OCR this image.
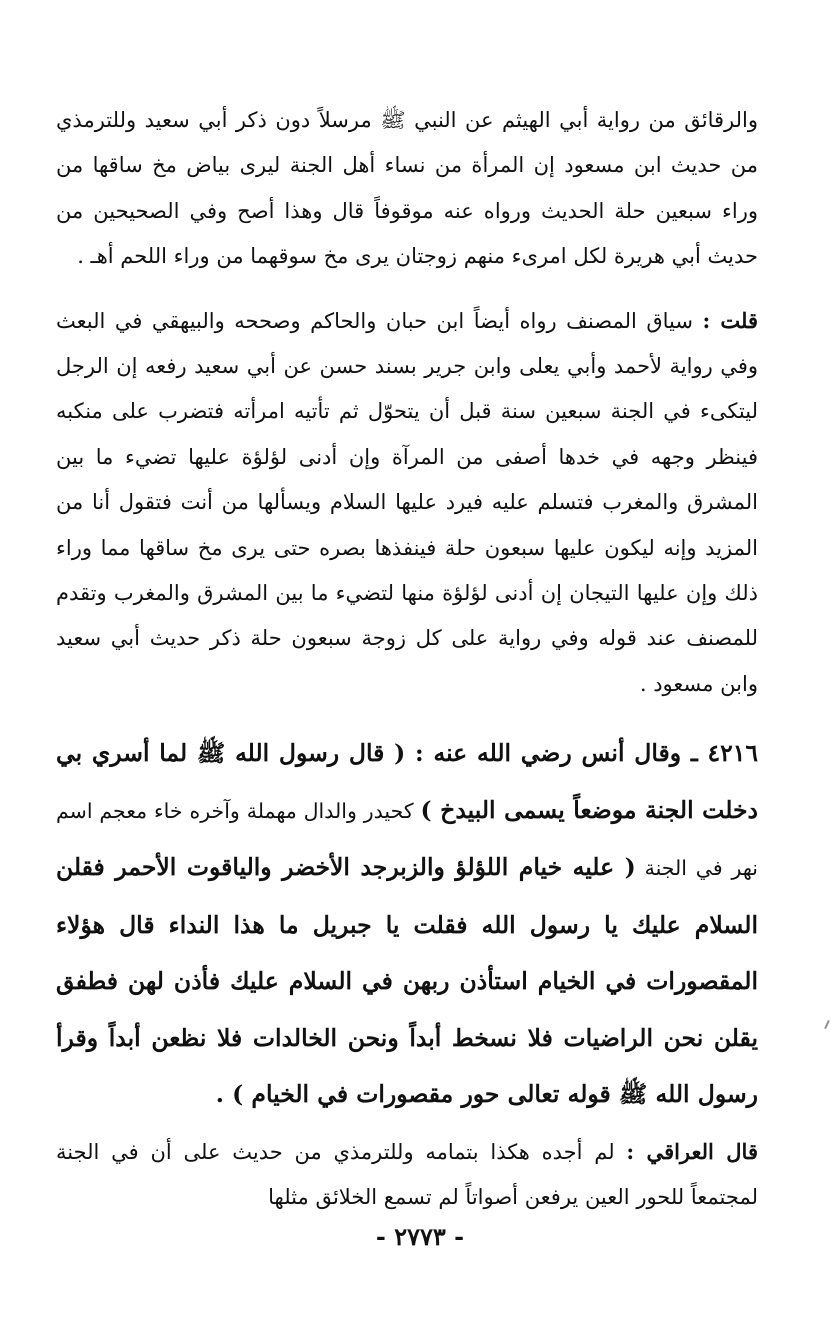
والرقائق من رواية أبي الهيثم عن النبي ﷺ مرسلاً دون ذكر أبي سعيد وللترمذي من حديث ابن مسعود إن المرأة من نساء أهل الجنة ليرى بياض مخ ساقها من وراء سبعين حلة الحديث ورواه عنه موقوفاً قال وهذا أصح وفي الصحيحين من حديث أبي هريرة لكل امرىء منهم زوجتان يرى مخ سوقهما من وراء اللحم أهـ .

قلت : سياق المصنف رواه أيضاً ابن حبان والحاكم وصححه والبيهقي في البعث وفي رواية لأحمد وأبي يعلى وابن جرير بسند حسن عن أبي سعيد رفعه إن الرجل ليتكىء في الجنة سبعين سنة قبل أن يتحوّل ثم تأتيه امرأته فتضرب على منكبه فينظر وجهه في خدها أصفى من المرآة وإن أدنى لؤلؤة عليها تضيء ما بين المشرق والمغرب فتسلم عليه فيرد عليها السلام ويسألها من أنت فتقول أنا من المزيد وإنه ليكون عليها سبعون حلة فينفذها بصره حتى يرى مخ ساقها مما وراء ذلك وإن عليها التيجان إن أدنى لؤلؤة منها لتضيء ما بين المشرق والمغرب وتقدم للمصنف عند قوله وفي رواية على كل زوجة سبعون حلة ذكر حديث أبي سعيد وابن مسعود .

٤٢١٦ ـ وقال أنس رضي الله عنه : ( قال رسول الله ﷺ لما أسري بي دخلت الجنة موضعاً يسمى البيدخ ) كحيدر والدال مهملة وآخره خاء معجم اسم نهر في الجنة ( عليه خيام اللؤلؤ والزبرجد الأخضر والياقوت الأحمر فقلن السلام عليك يا رسول الله فقلت يا جبريل ما هذا النداء قال هؤلاء المقصورات في الخيام استأذن ربهن في السلام عليك فأذن لهن فطفق يقلن نحن الراضيات فلا نسخط أبداً ونحن الخالدات فلا نظعن أبداً وقرأ رسول الله ﷺ قوله تعالى حور مقصورات في الخيام ) .

قال العراقي : لم أجده هكذا بتمامه وللترمذي من حديث على أن في الجنة لمجتمعاً للحور العين يرفعن أصواتاً لم تسمع الخلائق مثلها

- ٢٧٧٣ -
